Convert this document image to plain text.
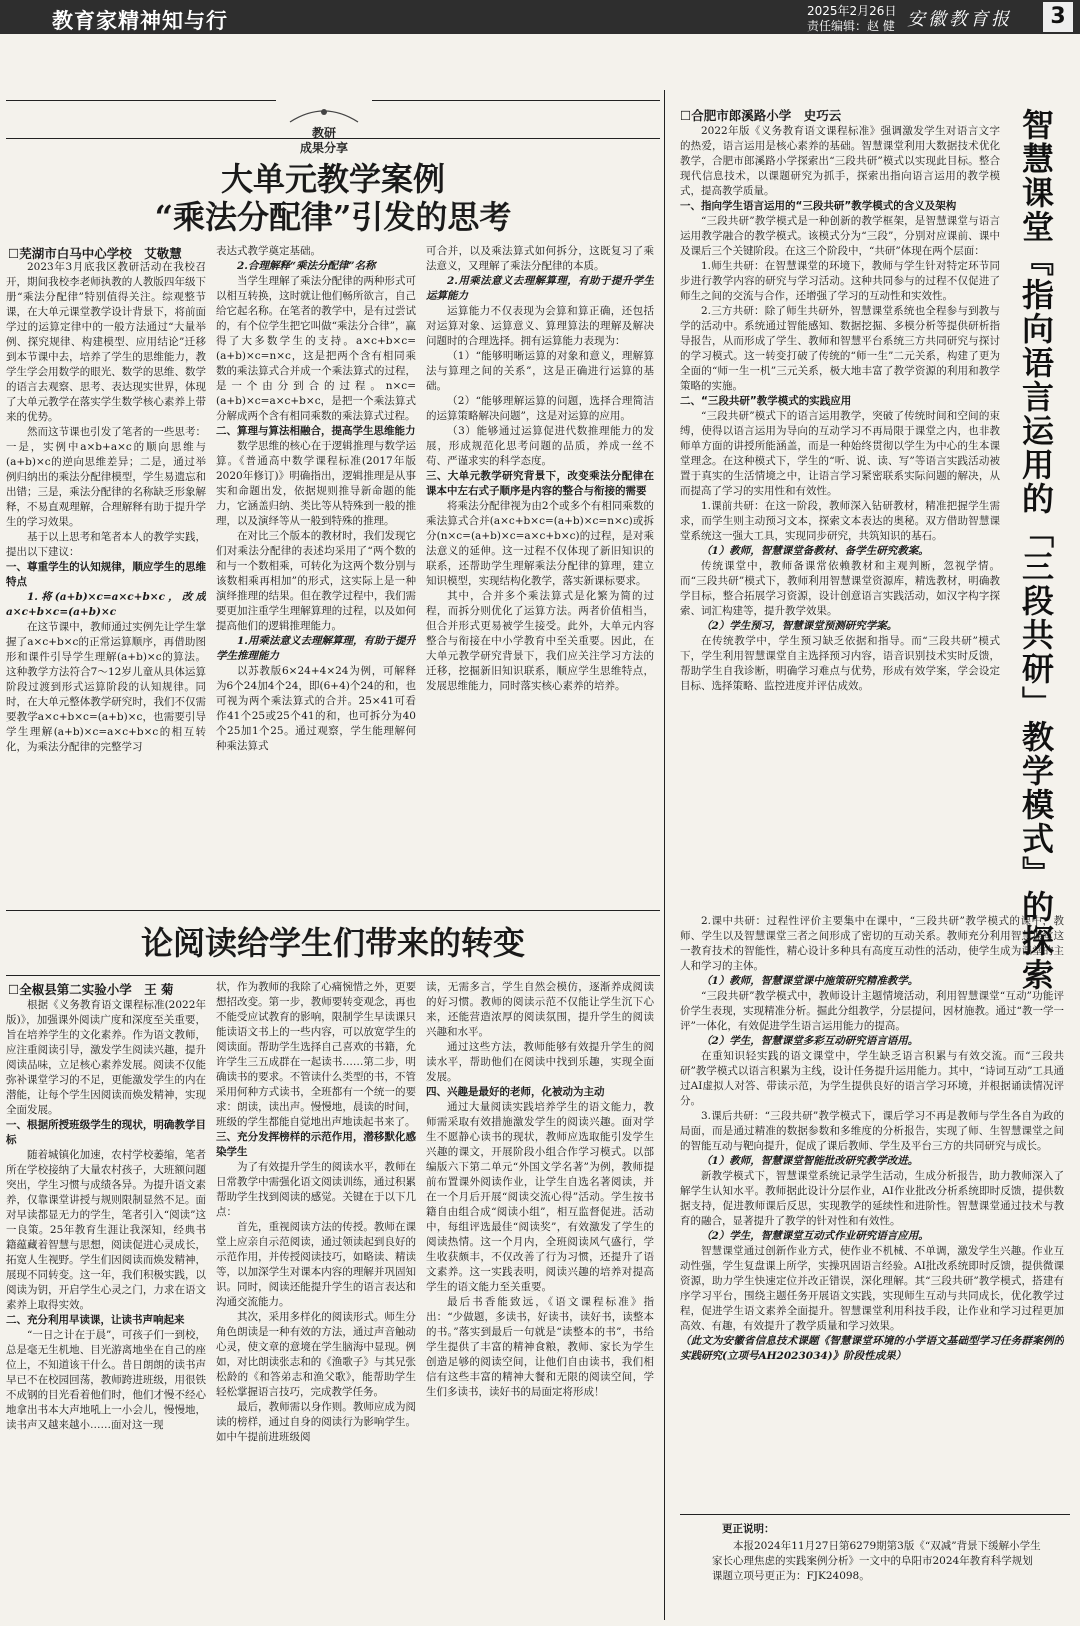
教育家精神知与行	2025年2月26日
责任编辑：赵 健 安徽教育报	3
教研
成果分享
大单元教学案例
“乘法分配律”引发的思考
☐芜湖市白马中心学校　艾敬慧

2023年3月底我区教研活动在我校召开，期间我校李老师执教的人教版四年级下册“乘法分配律”特别值得关注。综观整节课，在大单元课堂教学设计背景下，将前面学过的运算定律中的一般方法通过“大量举例、探究规律、构建模型、应用结论”迁移到本节课中去，培养了学生的思维能力，教学生学会用数学的眼光、数学的思维、数学的语言去观察、思考、表达现实世界，体现了大单元教学在落实学生数学核心素养上带来的优势。

然而这节课也引发了笔者的一些思考：一是，实例中a×b+a×c的顺向思维与(a+b)×c的逆向思维差异；二是，通过举例归纳出的乘法分配律模型，学生易遗忘和出错；三是，乘法分配律的名称缺乏形象解释，不易直观理解，合理解释有助于提升学生的学习效果。

基于以上思考和笔者本人的教学实践，提出以下建议：

一、尊重学生的认知规律，顺应学生的思维特点

1.将(a+b)×c=a×c+b×c，改成a×c+b×c=(a+b)×c

在这节课中，教师通过实例先让学生掌握了a×c+b×c的正常运算顺序，再借助图形和课件引导学生理解(a+b)×c的算法。这种教学方法符合7～12岁儿童从具体运算阶段过渡到形式运算阶段的认知规律。同时，在大单元整体教学研究时，我们不仅需要教学a×c+b×c=(a+b)×c，也需要引导学生理解(a+b)×c=a×c+b×c的相互转化，为乘法分配律的完整学习

表达式教学奠定基础。

2.合理解释“乘法分配律”名称

当学生理解了乘法分配律的两种形式可以相互转换，这时就让他们畅所欲言，自己给它起名称。在笔者的教学中，是有过尝试的，有个位学生把它叫做“乘法分合律”，赢得了大多数学生的支持。a×c+b×c=(a+b)×c=n×c，这是把两个含有相同乘数的乘法算式合并成一个乘法算式的过程，是一个由分到合的过程。n×c=(a+b)×c=a×c+b×c，是把一个乘法算式分解成两个含有相同乘数的乘法算式过程。

二、算理与算法相融合，提高学生思维能力

数学思维的核心在于逻辑推理与数学运算。《普通高中数学课程标准(2017年版2020年修订)》明确指出，逻辑推理是从事实和命题出发，依据规则推导新命题的能力，它涵盖归纳、类比等从特殊到一般的推理，以及演绎等从一般到特殊的推理。

在对比三个版本的教材时，我们发现它们对乘法分配律的表述均采用了“两个数的和与一个数相乘，可转化为这两个数分别与该数相乘再相加”的形式，这实际上是一种演绎推理的结果。但在教学过程中，我们需要更加注重学生理解算理的过程，以及如何提高他们的逻辑推理能力。

1.用乘法意义去理解算理，有助于提升学生推理能力

以苏教版6×24+4×24为例，可解释为6个24加4个24，即(6+4)个24的和，也可视为两个乘法算式的合并。25×41可看作41个25或25个41的和，也可拆分为40个25加1个25。通过观察，学生能理解何种乘法算式

可合并，以及乘法算式如何拆分，这既复习了乘法意义，又理解了乘法分配律的本质。

2.用乘法意义去理解算理，有助于提升学生运算能力

运算能力不仅表现为会算和算正确，还包括对运算对象、运算意义、算理算法的理解及解决问题时的合理选择。拥有运算能力表现为：

（1）“能够明晰运算的对象和意义，理解算法与算理之间的关系”，这是正确进行运算的基础。

（2）“能够理解运算的问题，选择合理简洁的运算策略解决问题”，这是对运算的应用。

（3）能够通过运算促进代数推理能力的发展，形成规范化思考问题的品质，养成一丝不苟、严谨求实的科学态度。

三、大单元教学研究背景下，改变乘法分配律在课本中左右式子顺序是内容的整合与衔接的需要

将乘法分配律视为由2个或多个有相同乘数的乘法算式合并(a×c+b×c=(a+b)×c=n×c)或拆分(n×c=(a+b)×c=a×c+b×c)的过程，是对乘法意义的延伸。这一过程不仅体现了新旧知识的联系，还帮助学生理解乘法分配律的算理，建立知识模型，实现结构化教学，落实新课标要求。

其中，合并多个乘法算式是化繁为简的过程，而拆分则优化了运算方法。两者价值相当，但合并形式更易被学生接受。此外，大单元内容整合与衔接在中小学教育中至关重要。因此，在大单元教学研究背景下，我们应关注学习方法的迁移，挖掘新旧知识联系，顺应学生思维特点，发展思维能力，同时落实核心素养的培养。

论阅读给学生们带来的转变
☐全椒县第二实验小学　王 菊

根据《义务教育语文课程标准(2022年版)》，加强课外阅读广度和深度至关重要，旨在培养学生的文化素养。作为语文教师，应注重阅读引导，激发学生阅读兴趣，提升阅读品味，立足核心素养发展。阅读不仅能弥补课堂学习的不足，更能激发学生的内在潜能，让每个学生因阅读而焕发精神，实现全面发展。

一、根据所授班级学生的现状，明确教学目标

随着城镇化加速，农村学校萎缩，笔者所在学校接纳了大量农村孩子，大班额问题突出，学生习惯与成绩各异。为提升语文素养，仅靠课堂讲授与规则限制显然不足。面对早读都显无力的学生，笔者引入“阅读”这一良策。25年教育生涯让我深知，经典书籍蕴藏着智慧与思想，阅读促进心灵成长，拓宽人生视野。学生们因阅读而焕发精神，展现不同转变。这一年，我们积极实践，以阅读为钥，开启学生心灵之门，力求在语文素养上取得实效。

二、充分利用早读课，让读书声响起来

“一日之计在于晨”，可孩子们一到校，总是毫无生机地、目光游离地坐在自己的座位上，不知道该干什么。昔日朗朗的读书声早已不在校园回荡，教师跨进班级，用很铁不成钢的目光看着他们时，他们才慢不经心地拿出书本大声地吼上一小会儿，慢慢地，读书声又越来越小……面对这一现

状，作为教师的我除了心痛惋惜之外，更要想招改变。第一步，教师要转变观念，再也不能受应试教育的影响，限制学生早读课只能读语文书上的一些内容，可以放宽学生的阅读面。帮助学生选择自己喜欢的书籍，允许学生三五成群在一起读书……第二步，明确读书的要求。不管读什么类型的书，不管采用何种方式读书，全班都有一个统一的要求：朗读，读出声。慢慢地，晨读的时间，班级的学生都能自觉地出声地读起书来了。

三、充分发挥榜样的示范作用，潜移默化感染学生

为了有效提升学生的阅读水平，教师在日常教学中需强化语文阅读训练，通过积累帮助学生找到阅读的感觉。关键在于以下几点：

首先，重视阅读方法的传授。教师在课堂上应亲自示范阅读，通过领读起到良好的示范作用，并传授阅读技巧，如略读、精读等，以加深学生对课本内容的理解并巩固知识。同时，阅读还能提升学生的语言表达和沟通交流能力。

其次，采用多样化的阅读形式。师生分角色朗读是一种有效的方法，通过声音触动心灵，使文章的意境在学生脑海中显现。例如，对比朗读张志和的《渔歌子》与其兄张松龄的《和答弟志和渔父歌》，能帮助学生轻松掌握语言技巧，完成教学任务。

最后，教师需以身作则。教师应成为阅读的榜样，通过自身的阅读行为影响学生。如中午提前进班级阅

读，无需多言，学生自然会模仿，逐渐养成阅读的好习惯。教师的阅读示范不仅能让学生沉下心来，还能营造浓厚的阅读氛围，提升学生的阅读兴趣和水平。

通过这些方法，教师能够有效提升学生的阅读水平，帮助他们在阅读中找到乐趣，实现全面发展。

四、兴趣是最好的老师，化被动为主动

通过大量阅读实践培养学生的语文能力，教师需采取有效措施激发学生的阅读兴趣。面对学生不愿静心读书的现状，教师应选取能引发学生兴趣的课文，开展阶段小组合作学习模式。以部编版六下第二单元“外国文学名著”为例，教师提前布置课外阅读作业，让学生自选名著阅读，并在一个月后开展“阅读交流心得”活动。学生按书籍自由组合成“阅读小组”，相互监督促进。活动中，每组评选最佳“阅读奖”，有效激发了学生的阅读热情。这一个月内，全班阅读风气盛行，学生收获颇丰，不仅改善了行为习惯，还提升了语文素养。这一实践表明，阅读兴趣的培养对提高学生的语文能力至关重要。

最后书香能致远，《语文课程标准》指出：“少做题，多读书，好读书，读好书，读整本的书。”落实到最后一句就是“读整本的书”，书给学生提供了丰富的精神食粮，教师、家长为学生创造足够的阅读空间，让他们自由读书，我们相信有这些丰富的精神大餐和无限的阅读空间，学生们多读书，读好书的局面定将形成！

☐合肥市郎溪路小学　史巧云	智慧课堂『指向语言运用的「三段共研」教学模式』的探索

2022年版《义务教育语文课程标准》强调激发学生对语言文字的热爱，语言运用是核心素养的基础。智慧课堂利用大数据技术优化教学，合肥市郎溪路小学探索出“三段共研”模式以实现此目标。整合现代信息技术，以课题研究为抓手，探索出指向语言运用的教学模式，提高教学质量。

一、指向学生语言运用的“三段共研”教学模式的含义及架构

“三段共研”教学模式是一种创新的教学框架，是智慧课堂与语言运用教学融合的教学模式。该模式分为“三段”，分别对应课前、课中及课后三个关键阶段。在这三个阶段中，“共研”体现在两个层面：

1.师生共研：在智慧课堂的环境下，教师与学生针对特定环节同步进行教学内容的研究与学习活动。这种共同参与的过程不仅促进了师生之间的交流与合作，还增强了学习的互动性和实效性。

2.三方共研：除了师生共研外，智慧课堂系统也全程参与到教与学的活动中。系统通过智能感知、数据挖掘、多模分析等提供研析指导报告，从而形成了学生、教师和智慧平台系统三方共同研究与探讨的学习模式。这一转变打破了传统的“师一生”二元关系，构建了更为全面的“师一生一机”三元关系，极大地丰富了教学资源的利用和教学策略的实施。

二、“三段共研”教学模式的实践应用

“三段共研”模式下的语言运用教学，突破了传统时间和空间的束缚，使得以语言运用为导向的互动学习不再局限于课堂之内，也非教师单方面的讲授所能涵盖，而是一种始终贯彻以学生为中心的生本课堂理念。在这种模式下，学生的“听、说、读、写”等语言实践活动被置于真实的生活情境之中，让语言学习紧密联系实际问题的解决，从而提高了学习的实用性和有效性。

1.课前共研：在这一阶段，教师深入钻研教材，精准把握学生需求，而学生则主动预习文本，探索文本表达的奥秘。双方借助智慧课堂系统这一强大工具，实现同步研究，共筑知识的基石。

（1）教师，智慧课堂备教材、备学生研究教案。

传统课堂中，教师备课常依赖教材和主观判断，忽视学情。而“三段共研”模式下，教师利用智慧课堂资源库，精选教材，明确教学目标，整合拓展学习资源，设计创意语言实践活动，如汉字构字探索、词汇构建等，提升教学效果。

（2）学生预习，智慧课堂预测研究学案。

在传统教学中，学生预习缺乏依据和指导。而“三段共研”模式下，学生利用智慧课堂自主选择预习内容，语音识别技术实时反馈，帮助学生自我诊断，明确学习难点与优势，形成有效学案，学会设定目标、选择策略、监控进度并评估成效。

2.课中共研：过程性评价主要集中在课中，“三段共研”教学模式的课中，教师、学生以及智慧课堂三者之间形成了密切的互动关系。教师充分利用智慧课堂这一教育技术的智能性，精心设计多种具有高度互动性的活动，使学生成为课堂的主人和学习的主体。

（1）教师，智慧课堂课中施策研究精准教学。

“三段共研”教学模式中，教师设计主题情境活动，利用智慧课堂“互动”功能评价学生表现，实现精准分析。掘此分组教学，分层提问，因材施教。通过“教一学一评”一体化，有效促进学生语言运用能力的提高。

（2）学生，智慧课堂多彩互动研究语言语用。

在重知识轻实践的语文课堂中，学生缺乏语言积累与有效交流。而“三段共研”教学模式以语言积累为主线，设计任务提升运用能力。其中，“诗词互动”工具通过AI虚拟人对答、带读示范，为学生提供良好的语言学习环境，并根据诵读情况评分。

3.课后共研：“三段共研”教学模式下，课后学习不再是教师与学生各自为政的局面，而是通过精准的数据参数和多维度的分析报告，实现了师、生智慧课堂之间的智能互动与靶向提升，促成了课后教师、学生及平台三方的共同研究与成长。

（1）教师，智慧课堂智能批改研究教学改进。

新教学模式下，智慧课堂系统记录学生活动，生成分析报告，助力教师深入了解学生认知水平。教师据此设计分层作业，AI作业批改分析系统即时反馈，提供数据支持，促进教师课后反思，实现教学的延续性和进阶性。智慧课堂通过技术与教育的融合，显著提升了教学的针对性和有效性。

（2）学生，智慧课堂互动式作业研究语言应用。

智慧课堂通过创新作业方式，使作业不机械、不单调，激发学生兴趣。作业互动性强，学生复盘课上所学，实操巩固语言经验。AI批改系统即时反馈，提供微课资源，助力学生快速定位并改正错误，深化理解。其“三段共研”教学模式，搭建有序学习平台，围绕主题任务开展语文实践，实现师生互动与共同成长，优化教学过程，促进学生语文素养全面提升。智慧课堂利用科技手段，让作业和学习过程更加高效、有趣，有效提升了教学质量和学习效果。

（此文为安徽省信息技术课题《智慧课堂环境的小学语文基础型学习任务群案例的实践研究(立项号AH2023034)》阶段性成果）

更正说明：
本报2024年11月27日第6279期第3版《“双减”背景下缓解小学生家长心理焦虑的实践案例分析》一文中的阜阳市2024年教育科学规划课题立项号更正为：FJK24098。
